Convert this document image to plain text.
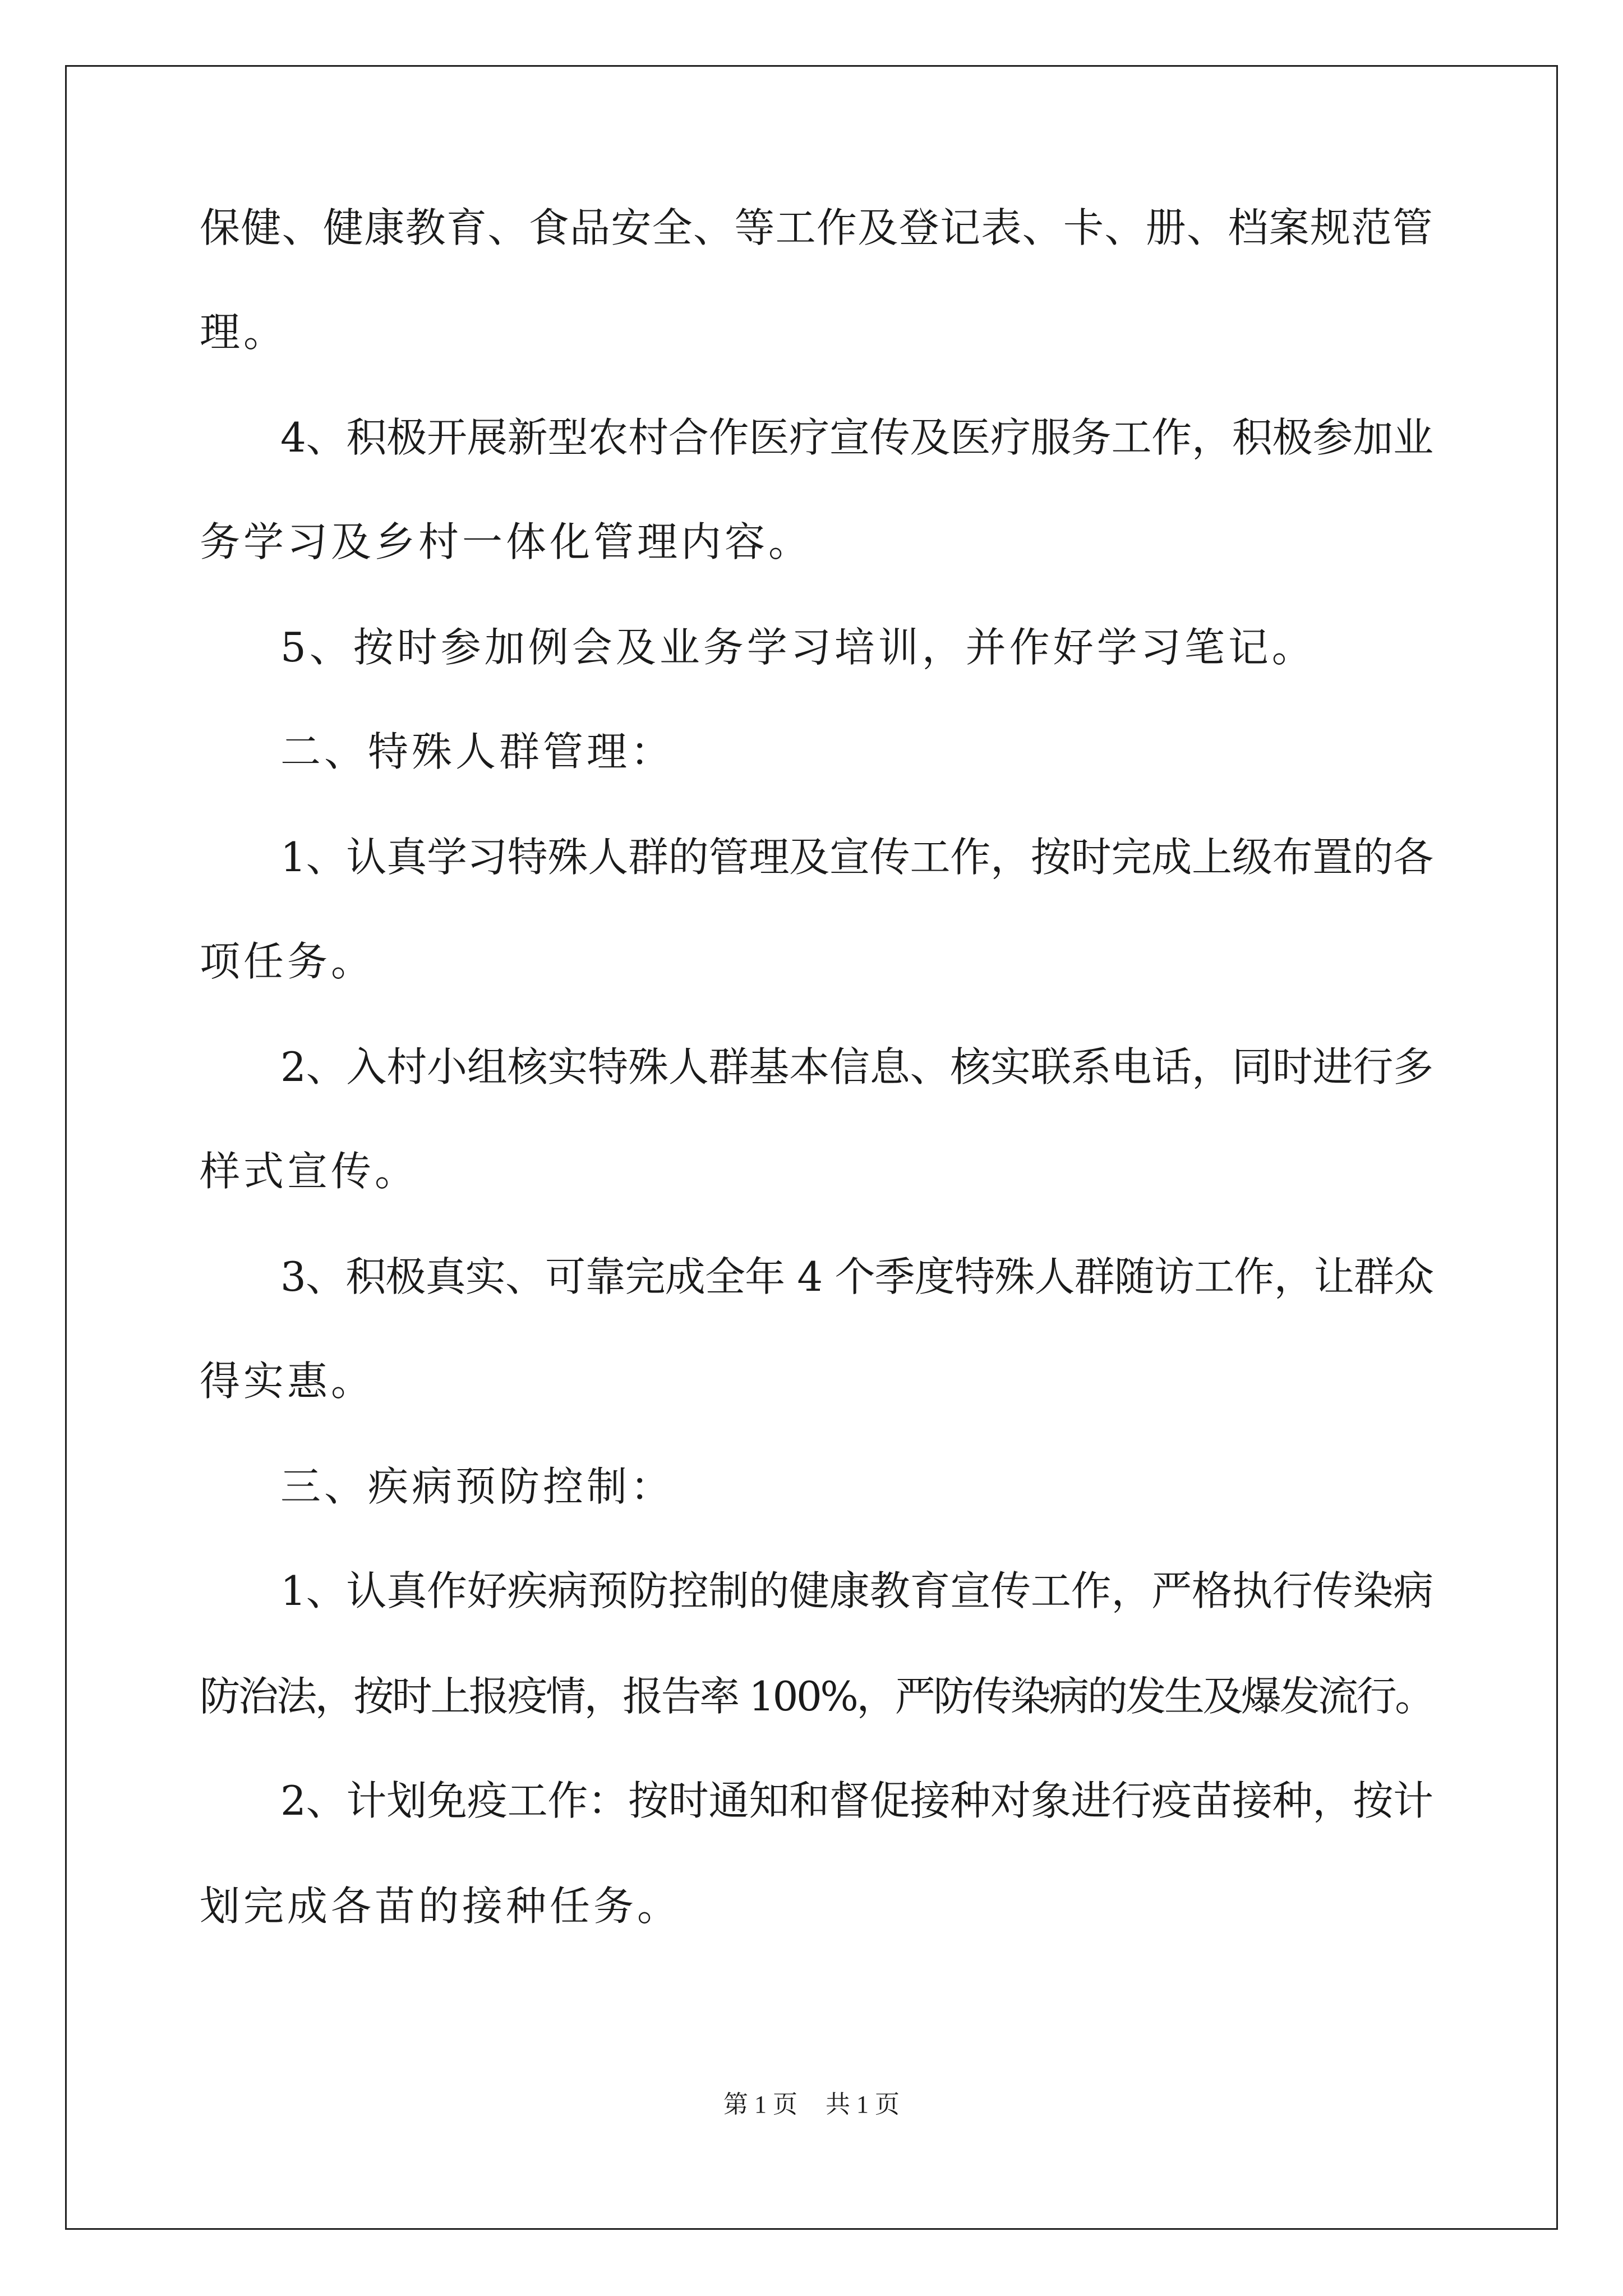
保健、健康教育、食品安全、等工作及登记表、卡、册、档案规范管
理。
4、积极开展新型农村合作医疗宣传及医疗服务工作，积极参加业
务学习及乡村一体化管理内容。
5、按时参加例会及业务学习培训，并作好学习笔记。
二、特殊人群管理：
1、认真学习特殊人群的管理及宣传工作，按时完成上级布置的各
项任务。
2、入村小组核实特殊人群基本信息、核实联系电话，同时进行多
样式宣传。
3、积极真实、可靠完成全年 4 个季度特殊人群随访工作，让群众
得实惠。
三、疾病预防控制：
1、认真作好疾病预防控制的健康教育宣传工作，严格执行传染病
防治法，按时上报疫情，报告率 100%，严防传染病的发生及爆发流行。
2、计划免疫工作：按时通知和督促接种对象进行疫苗接种，按计
划完成各苗的接种任务。
第 1 页 共 1 页
